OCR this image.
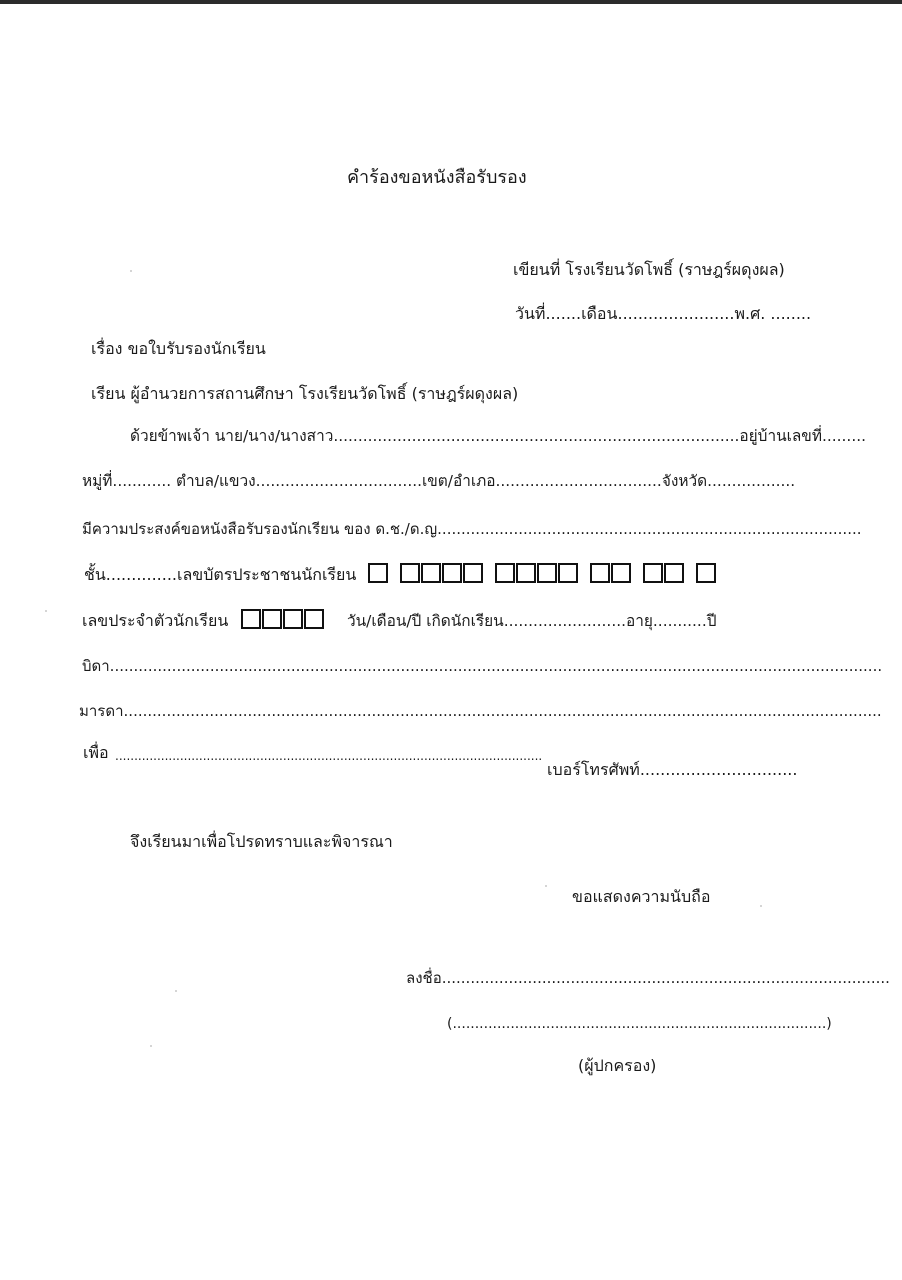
คำร้องขอหนังสือรับรอง
เขียนที่ โรงเรียนวัดโพธิ์ (ราษฎร์ผดุงผล)
วันที่.......เดือน.......................พ.ศ. ........
เรื่อง ขอใบรับรองนักเรียน
เรียน ผู้อำนวยการสถานศึกษา โรงเรียนวัดโพธิ์ (ราษฎร์ผดุงผล)
ด้วยข้าพเจ้า นาย/นาง/นางสาว...................................................................................อยู่บ้านเลขที่.........
หมู่ที่............ ตำบล/แขวง..................................เขต/อำเภอ..................................จังหวัด..................
มีความประสงค์ขอหนังสือรับรองนักเรียน ของ ด.ช./ด.ญ.........................................................................................
ชั้น..............เลขบัตรประชาชนนักเรียน
เลขประจำตัวนักเรียน	วัน/เดือน/ปี เกิดนักเรียน.........................อายุ...........ปี
บิดา..................................................................................................................................................................
มารดา...............................................................................................................................................................
เพื่อ ................................................................................................................
เบอร์โทรศัพท์...............................
จึงเรียนมาเพื่อโปรดทราบและพิจารณา
ขอแสดงความนับถือ
ลงชื่อ..............................................................................................
(....................................................................................)
(ผู้ปกครอง)
